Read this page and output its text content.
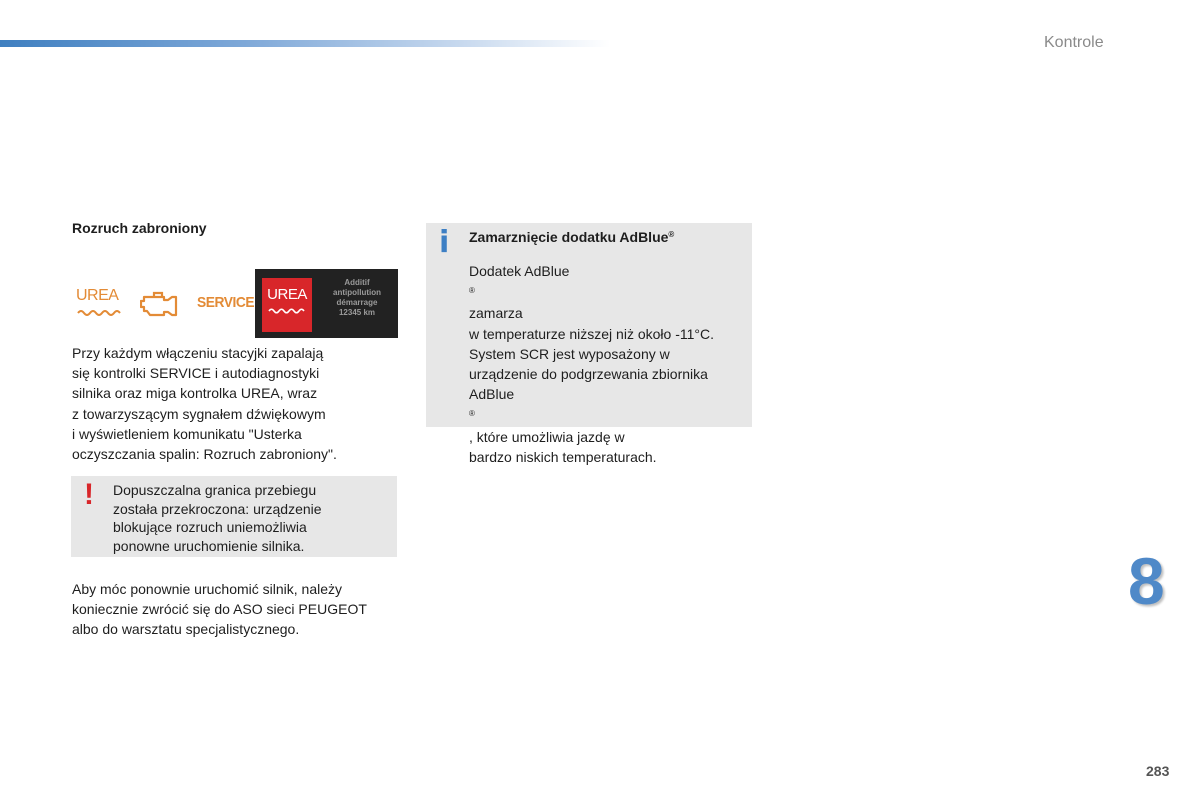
Kontrole
8
283
Rozruch zabroniony
UREA	SERVICE UREA
Additif
antipollution
démarrage
12345 km
Przy każdym włączeniu stacyjki zapalają
się kontrolki SERVICE i autodiagnostyki
silnika oraz miga kontrolka UREA, wraz
z towarzyszącym sygnałem dźwiękowym
i wyświetleniem komunikatu "Usterka
oczyszczania spalin: Rozruch zabroniony".
! Dopuszczalna granica przebiegu
została przekroczona: urządzenie
blokujące rozruch uniemożliwia
ponowne uruchomienie silnika.
Aby móc ponownie uruchomić silnik, należy
koniecznie zwrócić się do ASO sieci PEUGEOT
albo do warsztatu specjalistycznego.
i Zamarznięcie dodatku AdBlue®
Dodatek AdBlue
®
zamarza
w temperaturze niższej niż około -11°C.
System SCR jest wyposażony w
urządzenie do podgrzewania zbiornika
AdBlue
®
, które umożliwia jazdę w
bardzo niskich temperaturach.
